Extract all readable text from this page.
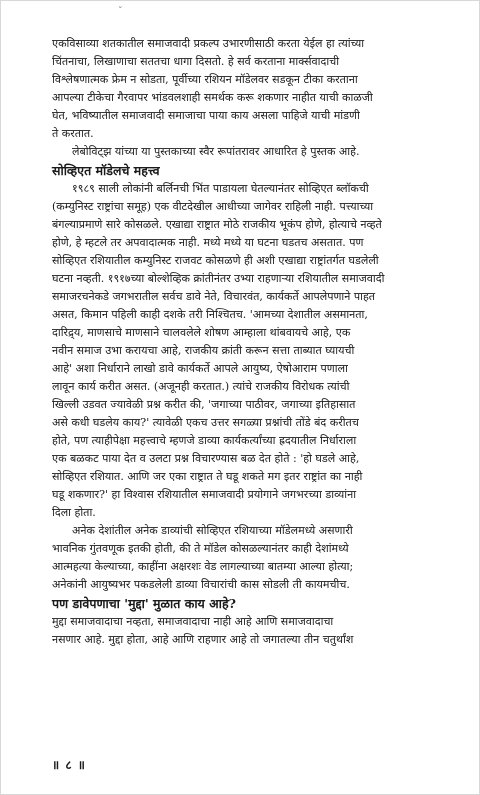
ˇ

एकविसाव्या शतकातील समाजवादी प्रकल्प उभारणीसाठी करता येईल हा त्यांच्या
चिंतनाचा, लिखाणाचा सततचा धागा दिसतो. हे सर्व करताना मार्क्सवादाची
विश्लेषणात्मक फ्रेम न सोडता, पूर्वीच्या रशियन मॉडेलवर सडकून टीका करताना
आपल्या टीकेचा गैरवापर भांडवलशाही समर्थक करू शकणार नाहीत याची काळजी
घेत, भविष्यातील समाजवादी समाजाचा पाया काय असला पाहिजे याची मांडणी
ते करतात.

लेबोविट्झ यांच्या या पुस्तकाच्या स्वैर रूपांतरावर आधारित हे पुस्तक आहे.

सोव्हिएत मॉडेलचे महत्त्व

१९८९ साली लोकांनी बर्लिनची भिंत पाडायला घेतल्यानंतर सोव्हिएत ब्लॉकची
(कम्युनिस्ट राष्ट्रांचा समूह) एक वीटदेखील आधीच्या जागेवर राहिली नाही. पत्त्याच्या
बंगल्याप्रमाणे सारे कोसळले. एखाद्या राष्ट्रात मोठे राजकीय भूकंप होणे, होत्याचे नव्हते
होणे, हे म्हटले तर अपवादात्मक नाही. मध्ये मध्ये या घटना घडतच असतात. पण
सोव्हिएत रशियातील कम्युनिस्ट राजवट कोसळणे ही अशी एखाद्या राष्ट्रांतर्गत घडलेली
घटना नव्हती. १९१७च्या बोल्शेव्हिक क्रांतीनंतर उभ्या राहणाऱ्या रशियातील समाजवादी
समाजरचनेकडे जगभरातील सर्वच डावे नेते, विचारवंत, कार्यकर्ते आपलेपणाने पाहत
असत, किमान पहिली काही दशके तरी निश्चितच. 'आमच्या देशातील असमानता,
दारिद्र्य, माणसाचे माणसाने चालवलेले शोषण आम्हाला थांबवायचे आहे, एक
नवीन समाज उभा करायचा आहे, राजकीय क्रांती करून सत्ता ताब्यात घ्यायची
आहे' अशा निर्धाराने लाखो डावे कार्यकर्ते आपले आयुष्य, ऐषोआराम पणाला
लावून कार्य करीत असत. (अजूनही करतात.) त्यांचे राजकीय विरोधक त्यांची
खिल्ली उडवत ज्यावेळी प्रश्न करीत की, 'जगाच्या पाठीवर, जगाच्या इतिहासात
असे कधी घडलेय काय?' त्यावेळी एकच उत्तर सगळ्या प्रश्नांची तोंडे बंद करीतच
होते, पण त्याहीपेक्षा महत्त्वाचे म्हणजे डाव्या कार्यकर्त्यांच्या ह्रदयातील निर्धाराला
एक बळकट पाया देत व उलटा प्रश्न विचारण्यास बळ देत होते : 'हो घडले आहे,
सोव्हिएत रशियात. आणि जर एका राष्ट्रात ते घडू शकते मग इतर राष्ट्रांत का नाही
घडू शकणार?' हा विश्वास रशियातील समाजवादी प्रयोगाने जगभरच्या डाव्यांना
दिला होता.

अनेक देशांतील अनेक डाव्यांची सोव्हिएत रशियाच्या मॉडेलमध्ये असणारी
भावनिक गुंतवणूक इतकी होती, की ते मॉडेल कोसळल्यानंतर काही देशांमध्ये
आत्महत्या केल्याच्या, काहींना अक्षरशः वेड लागल्याच्या बातम्या आल्या होत्या;
अनेकांनी आयुष्यभर पकडलेली डाव्या विचारांची कास सोडली ती कायमचीच.

पण डावेपणाचा 'मुद्दा' मुळात काय आहे?

मुद्दा समाजवादाचा नव्हता, समाजवादाचा नाही आहे आणि समाजवादाचा
नसणार आहे. मुद्दा होता, आहे आणि राहणार आहे तो जगातल्या तीन चतुर्थांश

॥ ८ ॥
